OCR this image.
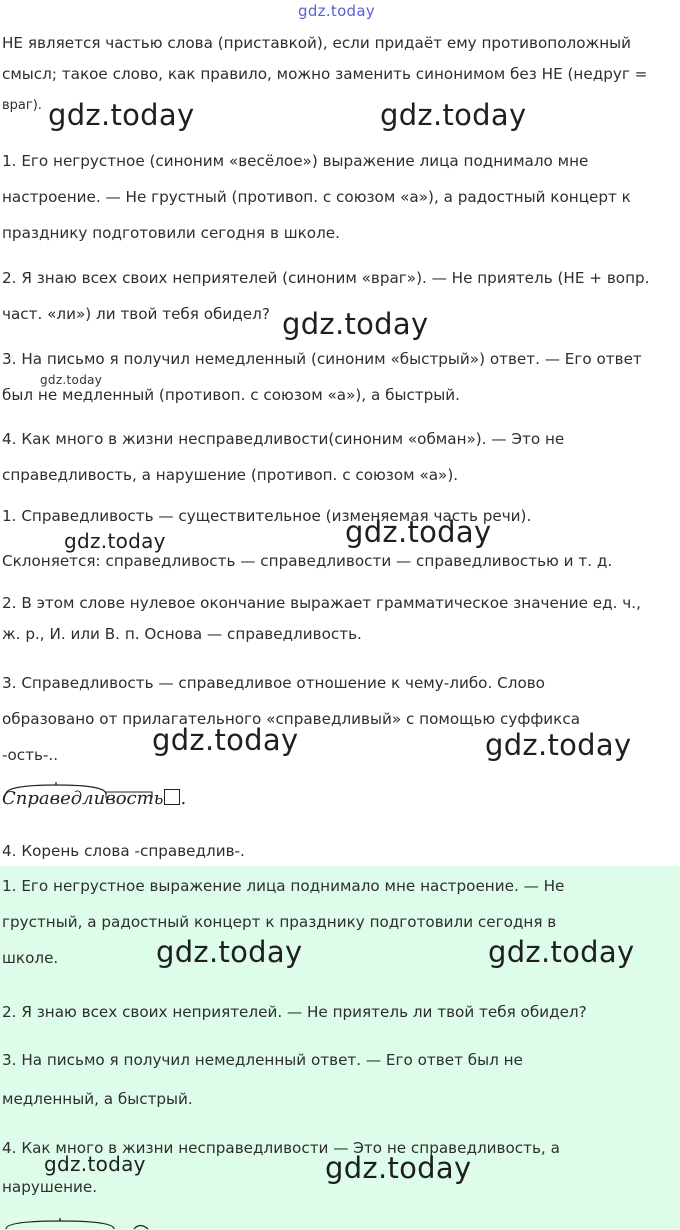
gdz.today
НЕ является частью слова (приставкой), если придаёт ему противоположный
смысл; такое слово, как правило, можно заменить синонимом без НЕ (недруг =
враг).
1. Его негрустное (синоним «весёлое») выражение лица поднимало мне
настроение. — Не грустный (противоп. с союзом «а»), а радостный концерт к
празднику подготовили сегодня в школе.
2. Я знаю всех своих неприятелей (синоним «враг»). — Не приятель (НЕ + вопр.
част. «ли») ли твой тебя обидел?
3. На письмо я получил немедленный (синоним «быстрый») ответ. — Его ответ
был не медленный (противоп. с союзом «а»), а быстрый.
4. Как много в жизни несправедливости(синоним «обман»). — Это не
справедливость, а нарушение (противоп. с союзом «а»).
1. Справедливость — существительное (изменяемая часть речи).
Склоняется: справедливость — справедливости — справедливостью и т. д.
2. В этом слове нулевое окончание выражает грамматическое значение ед. ч.,
ж. р., И. или В. п. Основа — справедливость.
3. Справедливость — справедливое отношение к чему-либо. Слово
образовано от прилагательного «справедливый» с помощью суффикса
-ость-..
Справедливость .
4. Корень слова -справедлив-.
1. Его негрустное выражение лица поднимало мне настроение. — Не
грустный, а радостный концерт к празднику подготовили сегодня в
школе.
2. Я знаю всех своих неприятелей. — Не приятель ли твой тебя обидел?
3. На письмо я получил немедленный ответ. — Его ответ был не
медленный, а быстрый.
4. Как много в жизни несправедливости — Это не справедливость, а
нарушение.
gdz.today	gdz.today
gdz.today
gdz.today
gdz.today
gdz.today
gdz.today	gdz.today
gdz.today	gdz.today
gdz.today	gdz.today
